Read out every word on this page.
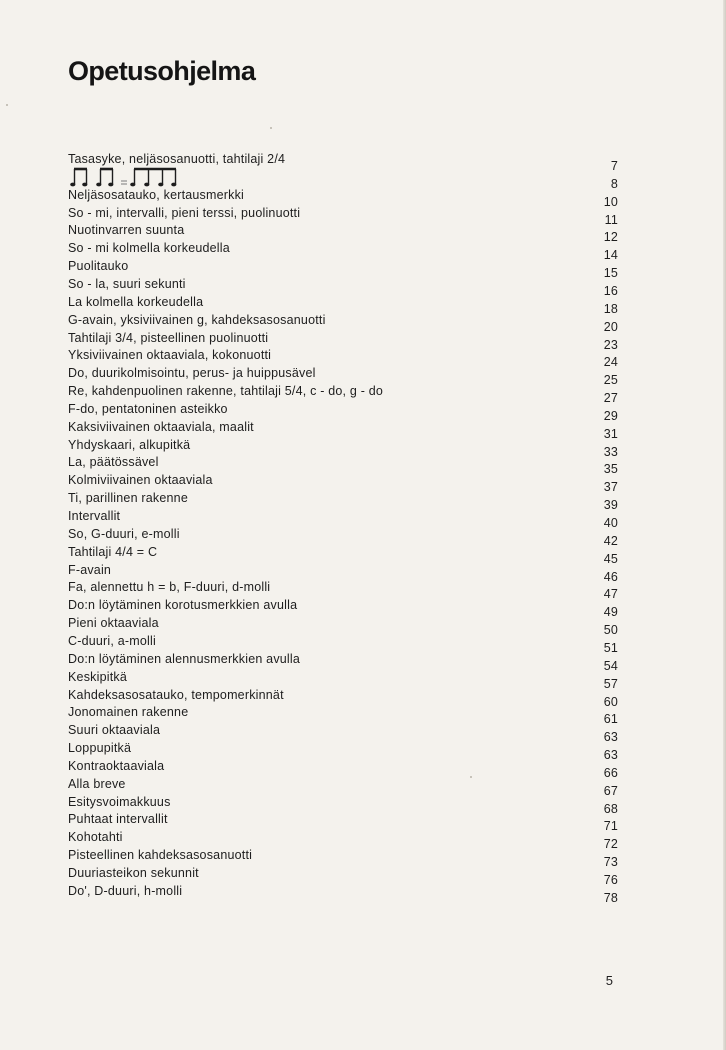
Opetusohjelma
Tasasyke, neljäsosanuotti, tahtilaji 2/4	7
8
Neljäsosatauko, kertausmerkki	10
So - mi, intervalli, pieni terssi, puolinuotti	11
Nuotinvarren suunta	12
So - mi kolmella korkeudella	14
Puolitauko	15
So - la, suuri sekunti	16
La kolmella korkeudella	18
G-avain, yksiviivainen g, kahdeksasosanuotti	20
Tahtilaji 3/4, pisteellinen puolinuotti	23
Yksiviivainen oktaaviala, kokonuotti	24
Do, duurikolmisointu, perus- ja huippusävel	25
Re, kahdenpuolinen rakenne, tahtilaji 5/4, c - do, g - do	27
F-do, pentatoninen asteikko	29
Kaksiviivainen oktaaviala, maalit	31
Yhdyskaari, alkupitkä	33
La, päätössävel	35
Kolmiviivainen oktaaviala	37
Ti, parillinen rakenne	39
Intervallit	40
So, G-duuri, e-molli	42
Tahtilaji 4/4 = C	45
F-avain	46
Fa, alennettu h = b, F-duuri, d-molli	47
Do:n löytäminen korotusmerkkien avulla	49
Pieni oktaaviala	50
C-duuri, a-molli	51
Do:n löytäminen alennusmerkkien avulla	54
Keskipitkä	57
Kahdeksasosatauko, tempomerkinnät	60
Jonomainen rakenne	61
Suuri oktaaviala	63
Loppupitkä	63
Kontraoktaaviala	66
Alla breve	67
Esitysvoimakkuus	68
Puhtaat intervallit	71
Kohotahti	72
Pisteellinen kahdeksasosanuotti	73
Duuriasteikon sekunnit	76
Do', D-duuri, h-molli	78
5
